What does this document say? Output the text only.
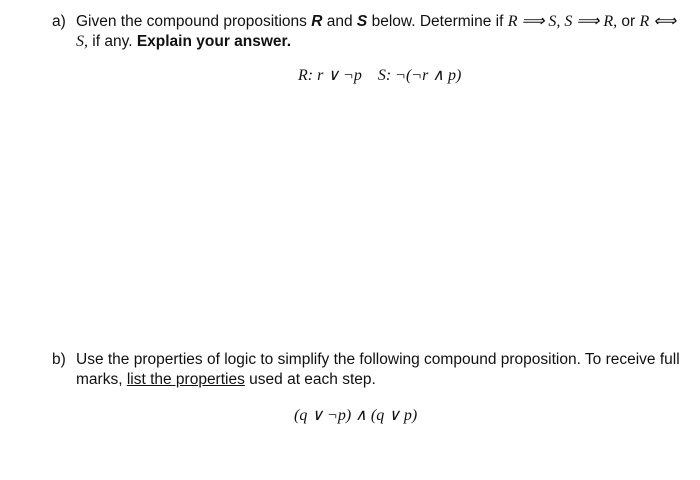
a) Given the compound propositions R and S below. Determine if R ⟹ S, S ⟹ R, or R ⟺
S, if any. Explain your answer.
R: r ∨ ¬p    S: ¬(¬r ∧ p)
b) Use the properties of logic to simplify the following compound proposition. To receive full
marks, list the properties used at each step.
(q ∨ ¬p) ∧ (q ∨ p)
